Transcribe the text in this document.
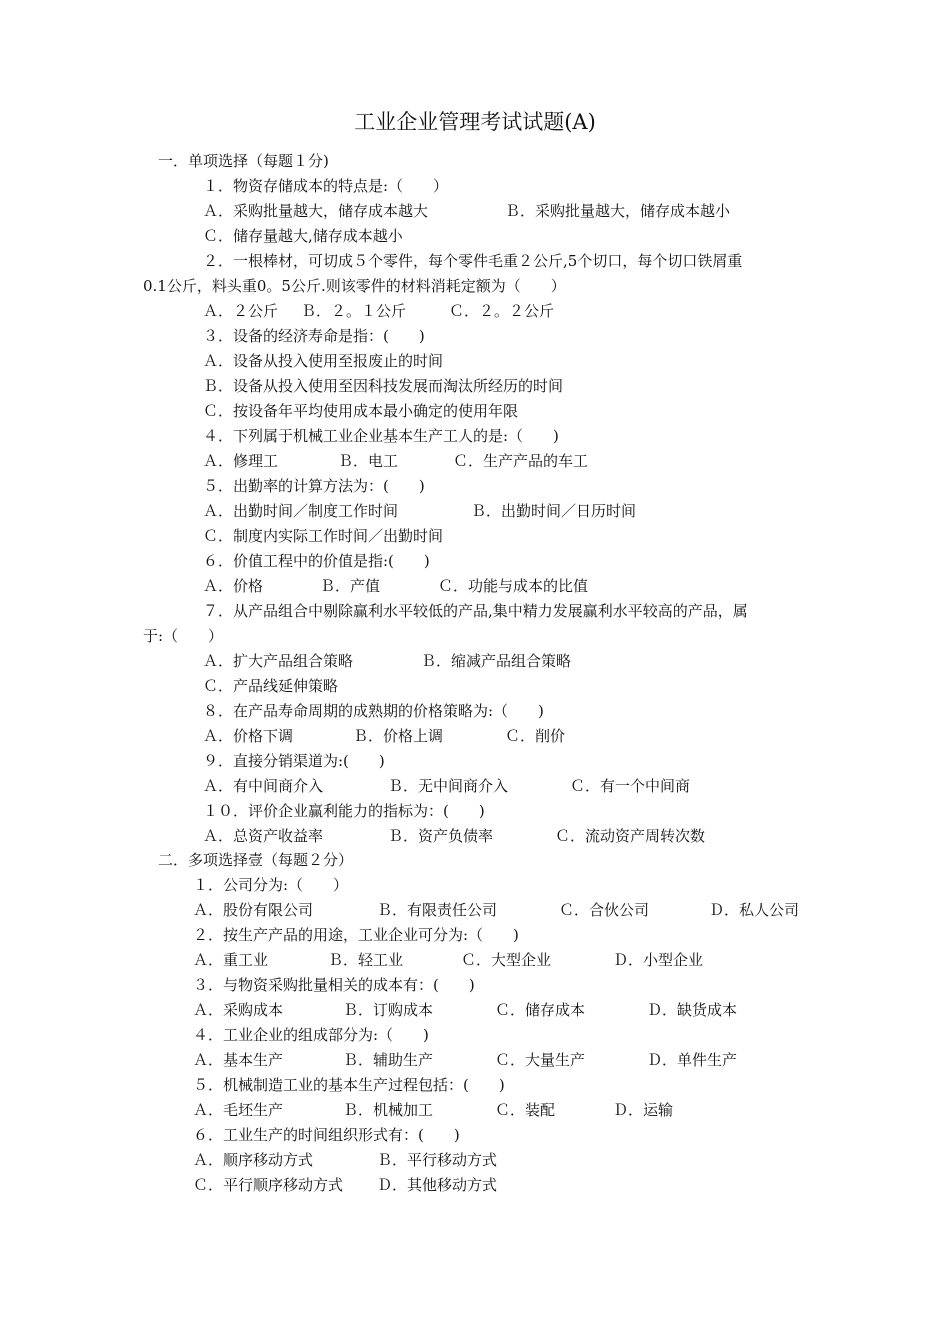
工业企业管理考试试题(A)
一．单项选择（每题１分)
１．物资存储成本的特点是:（　　）
Ａ．采购批量越大，储存成本越大	Ｂ．采购批量越大，储存成本越小
Ｃ．储存量越大,储存成本越小
２．一根棒材，可切成５个零件，每个零件毛重２公斤,5个切口，每个切口铁屑重
0.1公斤，料头重0。5公斤.则该零件的材料消耗定额为（　　）
Ａ．２公斤 Ｂ．２。１公斤	Ｃ．２。２公斤
３．设备的经济寿命是指：(　　)
Ａ．设备从投入使用至报废止的时间
Ｂ．设备从投入使用至因科技发展而淘汰所经历的时间
Ｃ．按设备年平均使用成本最小确定的使用年限
４．下列属于机械工业企业基本生产工人的是:（　　)
Ａ．修理工	Ｂ．电工	Ｃ．生产产品的车工
５．出勤率的计算方法为：(　　)
Ａ．出勤时间／制度工作时间	Ｂ．出勤时间／日历时间
Ｃ．制度内实际工作时间／出勤时间
６．价值工程中的价值是指:(　　)
Ａ．价格	Ｂ．产值	Ｃ．功能与成本的比值
７．从产品组合中剔除赢利水平较低的产品,集中精力发展赢利水平较高的产品，属
于:（　　）
Ａ．扩大产品组合策略	Ｂ．缩减产品组合策略
Ｃ．产品线延伸策略
８．在产品寿命周期的成熟期的价格策略为:（　　)
Ａ．价格下调	Ｂ．价格上调	Ｃ．削价
９．直接分销渠道为:(　　)
Ａ．有中间商介入	Ｂ．无中间商介入	Ｃ．有一个中间商
１０．评价企业赢利能力的指标为：(　　)
Ａ．总资产收益率	Ｂ．资产负债率	Ｃ．流动资产周转次数
二．多项选择壹（每题２分）
１．公司分为:（　　）
Ａ．股份有限公司	Ｂ．有限责任公司	Ｃ．合伙公司	Ｄ．私人公司
２．按生产产品的用途，工业企业可分为:（　　)
Ａ．重工业	Ｂ．轻工业	Ｃ．大型企业	Ｄ．小型企业
３．与物资采购批量相关的成本有：(　　)
Ａ．采购成本	Ｂ．订购成本	Ｃ．储存成本	Ｄ．缺货成本
４．工业企业的组成部分为:（　　)
Ａ．基本生产	Ｂ．辅助生产	Ｃ．大量生产	Ｄ．单件生产
５．机械制造工业的基本生产过程包括：(　　)
Ａ．毛坯生产	Ｂ．机械加工	Ｃ．装配	Ｄ．运输
６．工业生产的时间组织形式有：(　　)
Ａ．顺序移动方式	Ｂ．平行移动方式
Ｃ．平行顺序移动方式 Ｄ．其他移动方式
